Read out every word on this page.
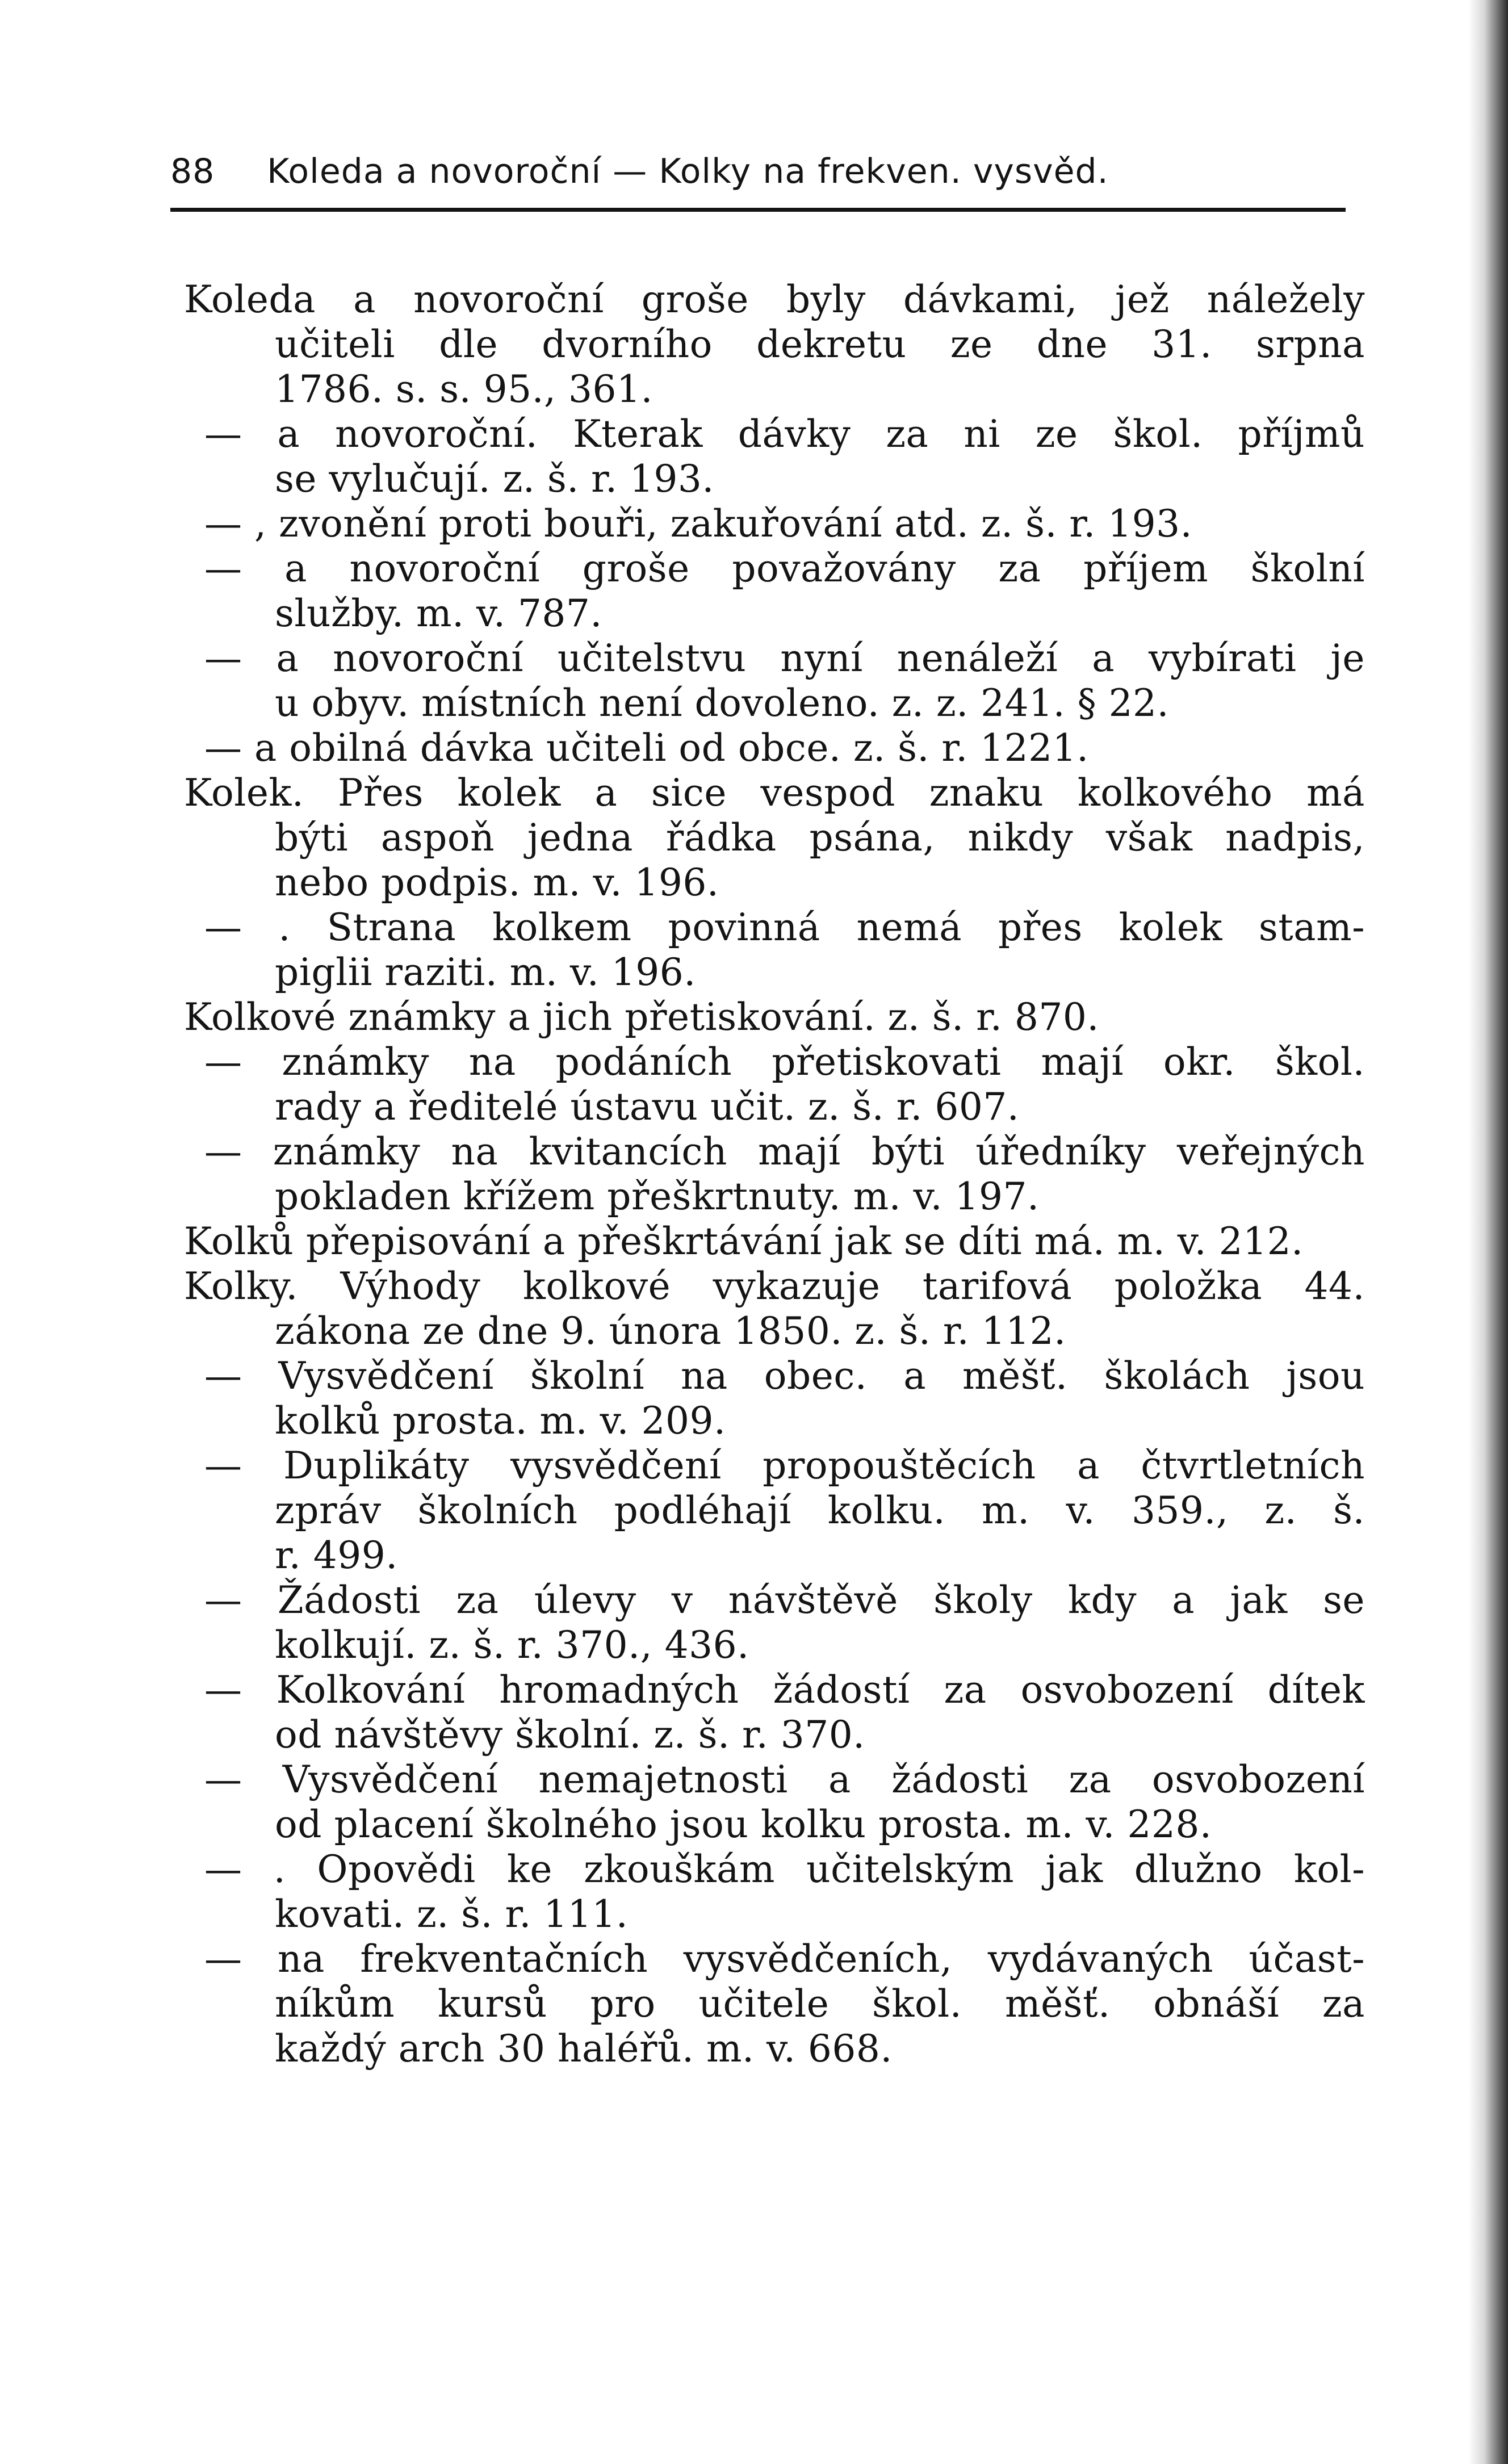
88 Koleda a novoroční — Kolky na frekven. vysvěd.
Koleda a novoroční groše byly dávkami, jež náležely
učiteli dle dvorního dekretu ze dne 31. srpna
1786. s. s. 95., 361.
— a novoroční. Kterak dávky za ni ze škol. příjmů
se vylučují. z. š. r. 193.
— , zvonění proti bouři, zakuřování atd. z. š. r. 193.
— a novoroční groše považovány za příjem školní
služby. m. v. 787.
— a novoroční učitelstvu nyní nenáleží a vybírati je
u obyv. místních není dovoleno. z. z. 241. § 22.
— a obilná dávka učiteli od obce. z. š. r. 1221.
Kolek. Přes kolek a sice vespod znaku kolkového má
býti aspoň jedna řádka psána, nikdy však nadpis,
nebo podpis. m. v. 196.
— . Strana kolkem povinná nemá přes kolek stam-
piglii raziti. m. v. 196.
Kolkové známky a jich přetiskování. z. š. r. 870.
— známky na podáních přetiskovati mají okr. škol.
rady a ředitelé ústavu učit. z. š. r. 607.
— známky na kvitancích mají býti úředníky veřejných
pokladen křížem přeškrtnuty. m. v. 197.
Kolků přepisování a přeškrtávání jak se díti má. m. v. 212.
Kolky. Výhody kolkové vykazuje tarifová položka 44.
zákona ze dne 9. února 1850. z. š. r. 112.
— Vysvědčení školní na obec. a měšť. školách jsou
kolků prosta. m. v. 209.
— Duplikáty vysvědčení propouštěcích a čtvrtletních
zpráv školních podléhají kolku. m. v. 359., z. š.
r. 499.
— Žádosti za úlevy v návštěvě školy kdy a jak se
kolkují. z. š. r. 370., 436.
— Kolkování hromadných žádostí za osvobození dítek
od návštěvy školní. z. š. r. 370.
— Vysvědčení nemajetnosti a žádosti za osvobození
od placení školného jsou kolku prosta. m. v. 228.
— . Opovědi ke zkouškám učitelským jak dlužno kol-
kovati. z. š. r. 111.
— na frekventačních vysvědčeních, vydávaných účast-
níkům kursů pro učitele škol. měšť. obnáší za
každý arch 30 haléřů. m. v. 668.
